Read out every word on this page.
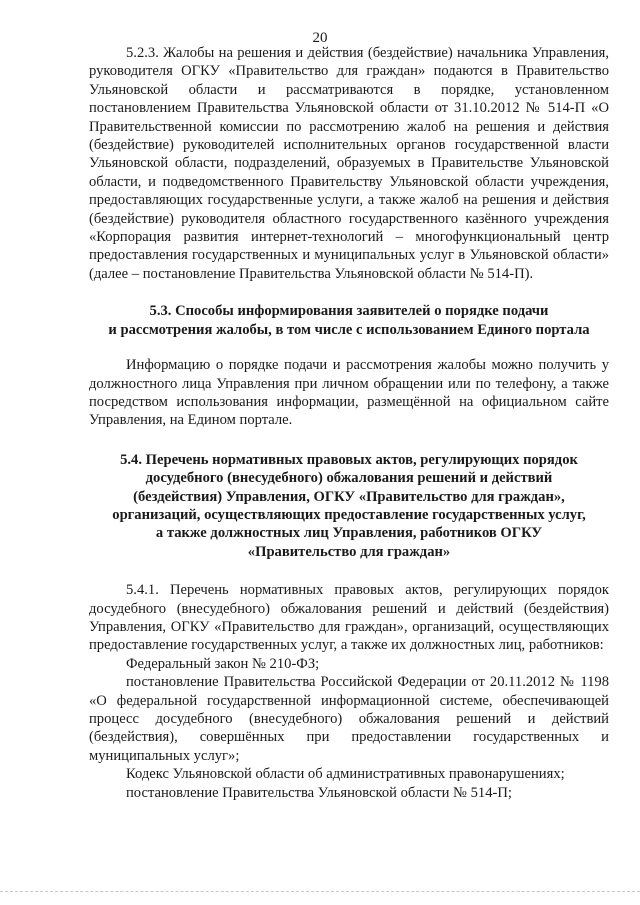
20

5.2.3. Жалобы на решения и действия (бездействие) начальника Управления, руководителя ОГКУ «Правительство для граждан» подаются в Правительство Ульяновской области и рассматриваются в порядке, установленном постановлением Правительства Ульяновской области от 31.10.2012 № 514-П «О Правительственной комиссии по рассмотрению жалоб на решения и действия (бездействие) руководителей исполнительных органов государственной власти Ульяновской области, подразделений, образуемых в Правительстве Ульяновской области, и подведомственного Правительству Ульяновской области учреждения, предоставляющих государственные услуги, а также жалоб на решения и действия (бездействие) руководителя областного государственного казённого учреждения «Корпорация развития интернет-технологий – многофункциональный центр предоставления государственных и муниципальных услуг в Ульяновской области» (далее – постановление Правительства Ульяновской области № 514-П).

5.3. Способы информирования заявителей о порядке подачи
и рассмотрения жалобы, в том числе с использованием Единого портала

Информацию о порядке подачи и рассмотрения жалобы можно получить у должностного лица Управления при личном обращении или по телефону, а также посредством использования информации, размещённой на официальном сайте Управления, на Едином портале.

5.4. Перечень нормативных правовых актов, регулирующих порядок
досудебного (внесудебного) обжалования решений и действий
(бездействия) Управления, ОГКУ «Правительство для граждан»,
организаций, осуществляющих предоставление государственных услуг,
а также должностных лиц Управления, работников ОГКУ
«Правительство для граждан»

5.4.1. Перечень нормативных правовых актов, регулирующих порядок досудебного (внесудебного) обжалования решений и действий (бездействия) Управления, ОГКУ «Правительство для граждан», организаций, осуществляющих предоставление государственных услуг, а также их должностных лиц, работников:

Федеральный закон № 210-ФЗ;

постановление Правительства Российской Федерации от 20.11.2012 № 1198 «О федеральной государственной информационной системе, обеспечивающей процесс досудебного (внесудебного) обжалования решений и действий (бездействия), совершённых при предоставлении государственных и муниципальных услуг»;

Кодекс Ульяновской области об административных правонарушениях;

постановление Правительства Ульяновской области № 514-П;
